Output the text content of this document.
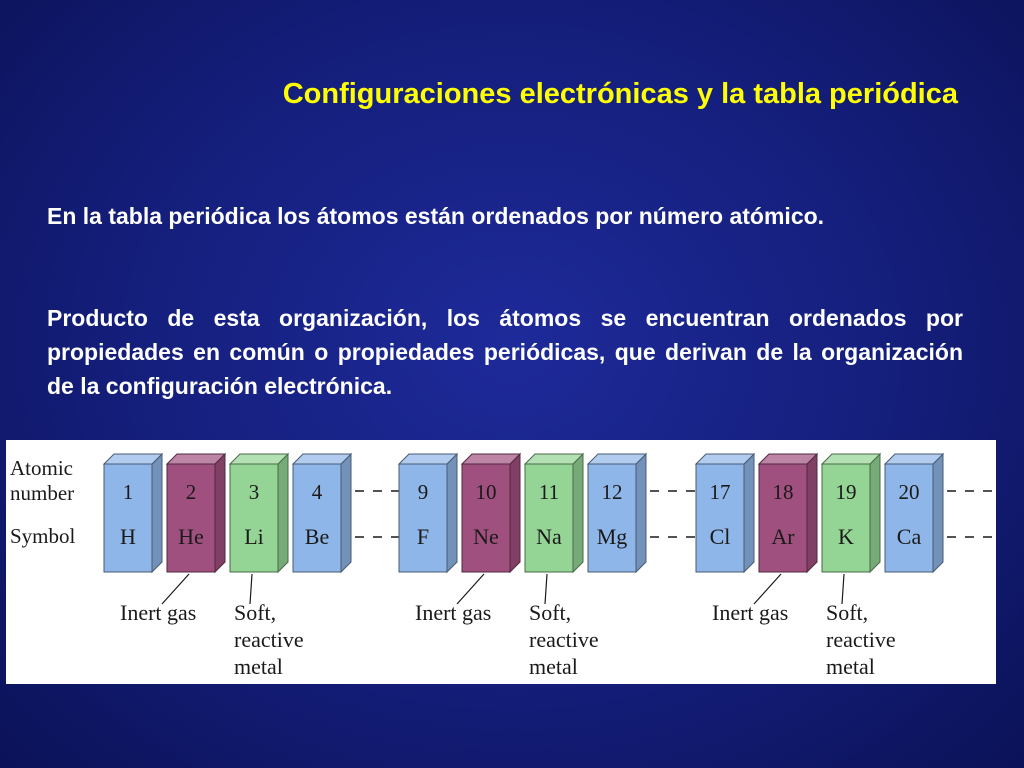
Configuraciones electrónicas y la tabla periódica

En la tabla periódica los átomos están ordenados por número atómico.

Producto de esta organización, los átomos se encuentran ordenados por propiedades en común o propiedades periódicas, que derivan de la organización de la configuración electrónica.

Atomic
number
Symbol
1
H
2
He
3
Li
4
Be
Inert gas Soft,
reactive
metal
9
F
10
Ne
11
Na
12
Mg
Inert gas Soft,
reactive
metal
17
Cl
18
Ar
19
K
20
Ca
Inert gas Soft,
reactive
metal
